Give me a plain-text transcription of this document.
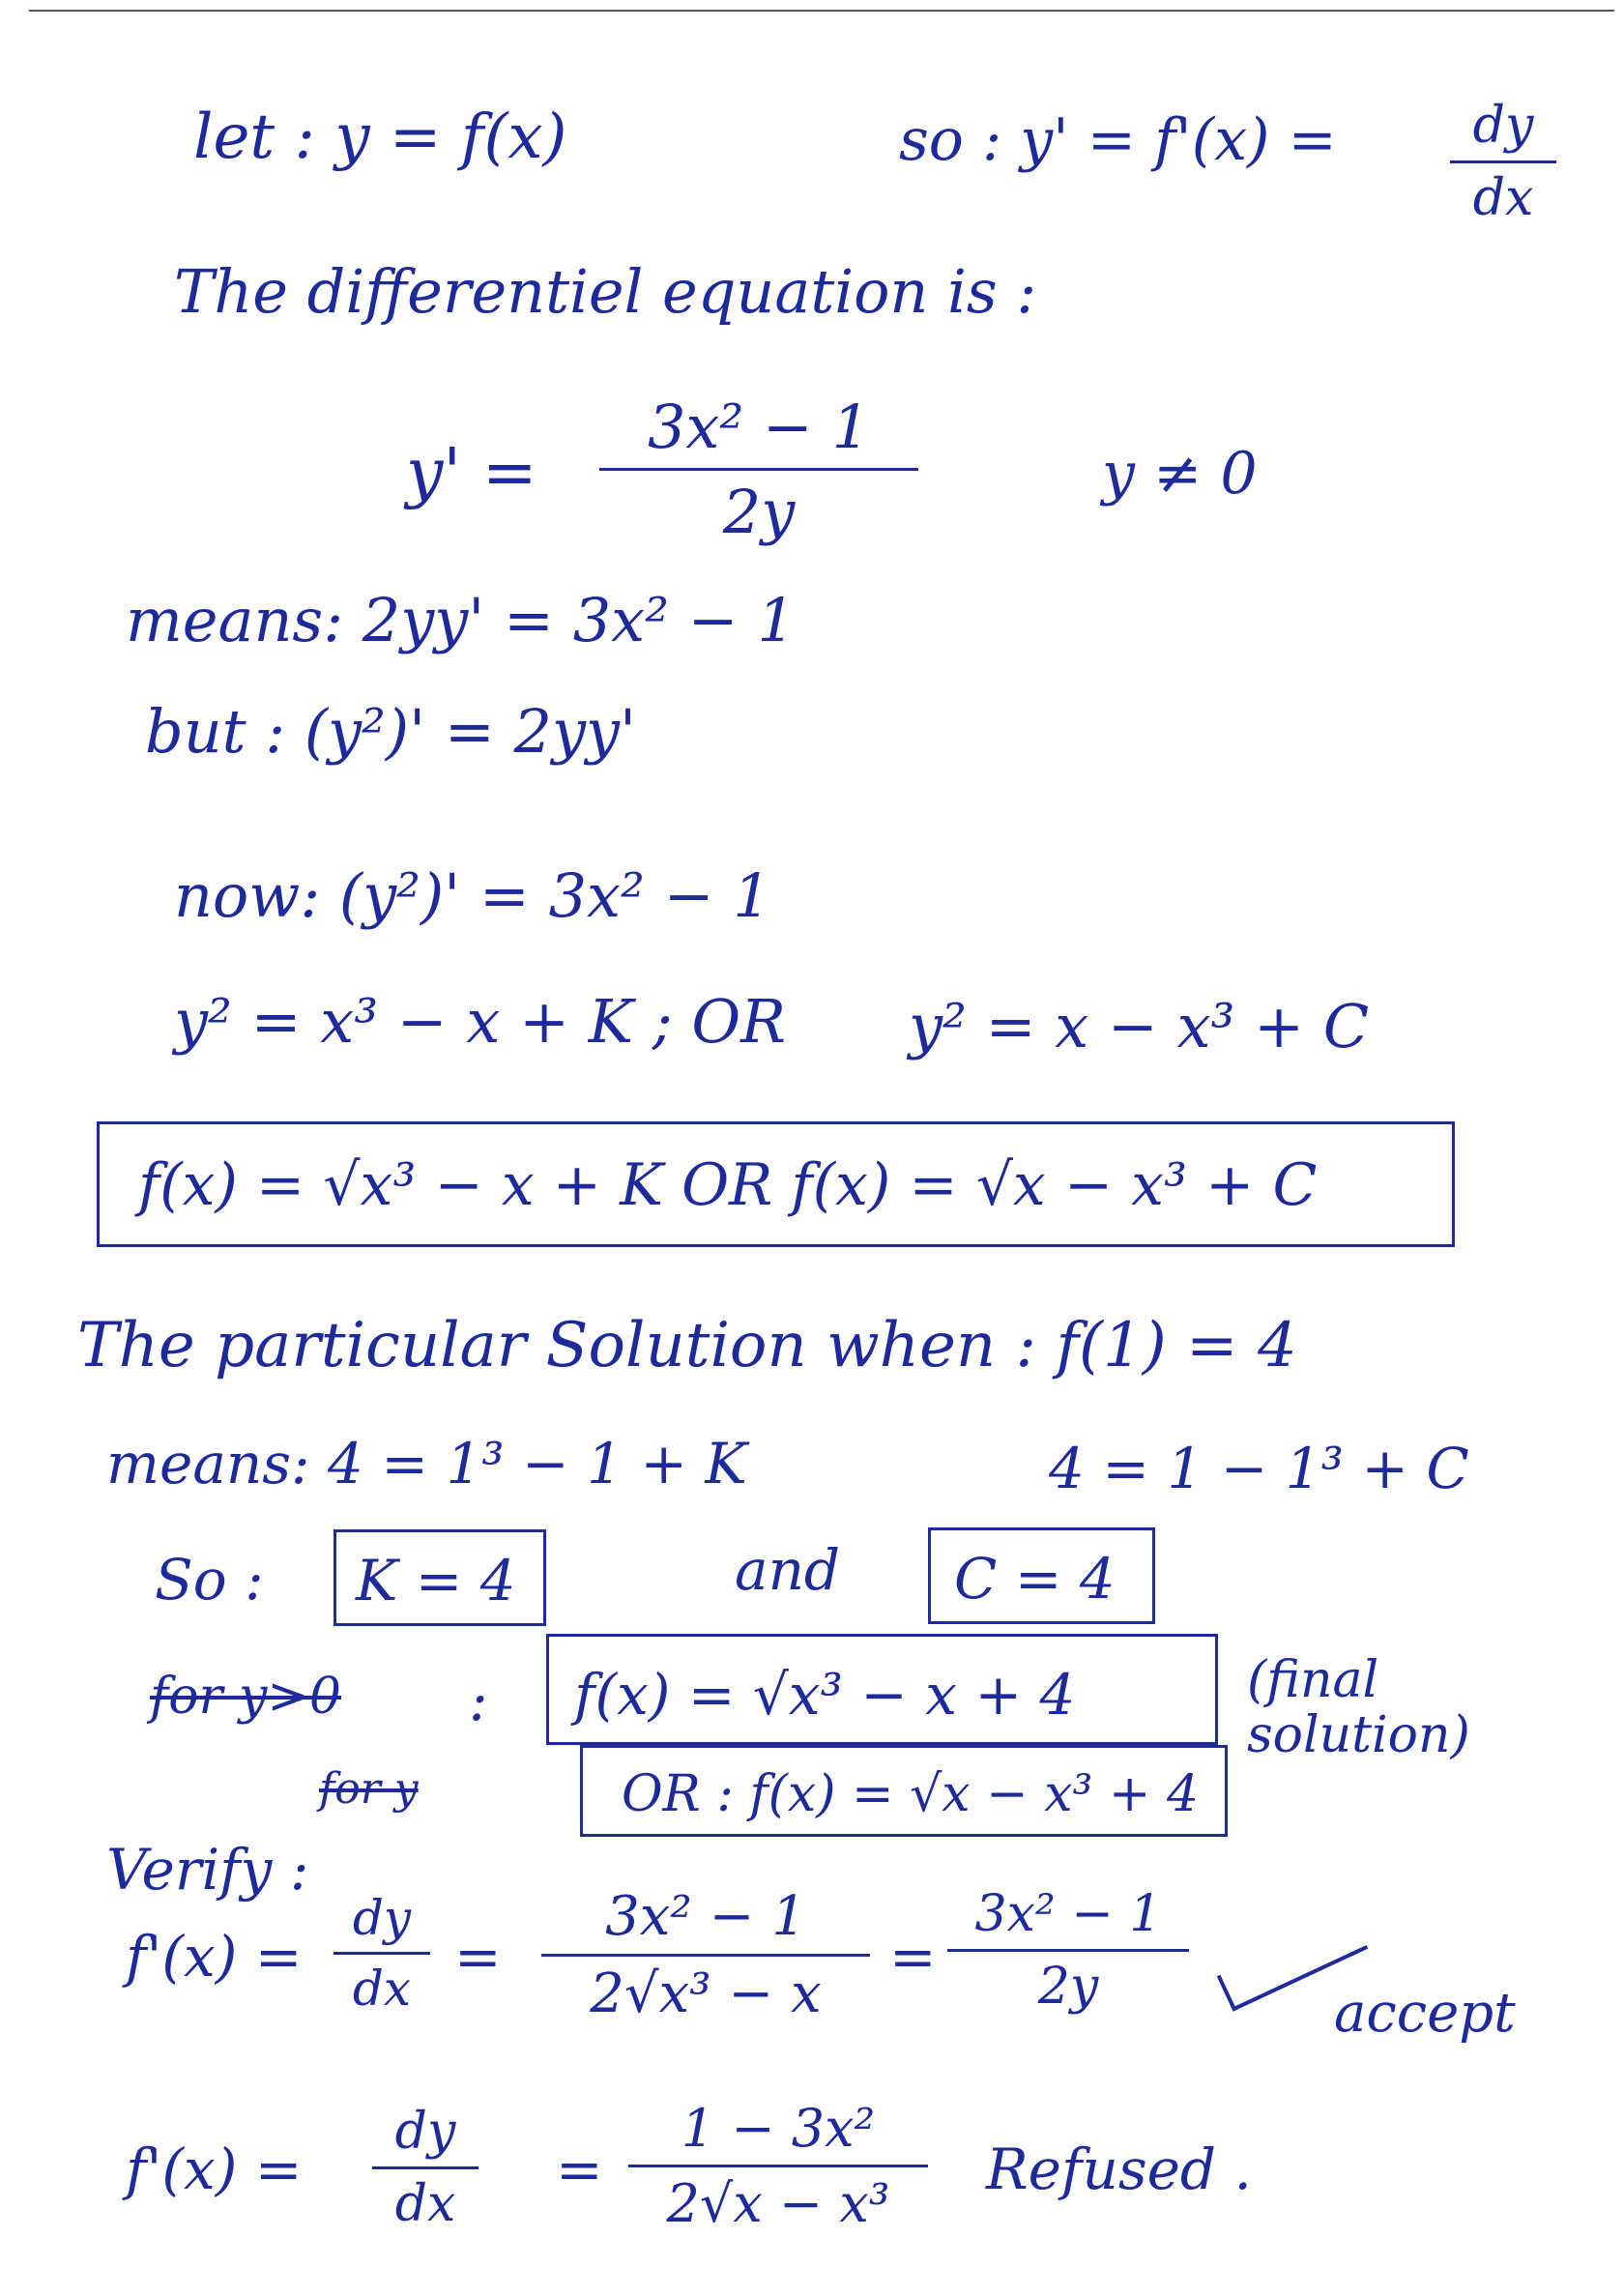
let : y = f(x)	so : y' = f'(x) =	dy
dx
The differentiel equation is :
y' =
3x² − 1
2y
y ≠ 0
means: 2yy' = 3x² − 1
but : (y²)' = 2yy'
now: (y²)' = 3x² − 1
y² = x³ − x + K ; OR y² = x − x³ + C
f(x) = √x³ − x + K OR f(x) = √x − x³ + C
The particular Solution when : f(1) = 4
means: 4 = 1³ − 1 + K	4 = 1 − 1³ + C
So :	K = 4	and	C = 4
for y>0 :	f(x) = √x³ − x + 4	(final solution)
for y	OR : f(x) = √x − x³ + 4
Verify :
f'(x) =
dy
dx =
3x² − 1
2√x³ − x
=
3x² − 1
2y	accept
f'(x) =
dy
dx
=
1 − 3x²
2√x − x³
Refused .
